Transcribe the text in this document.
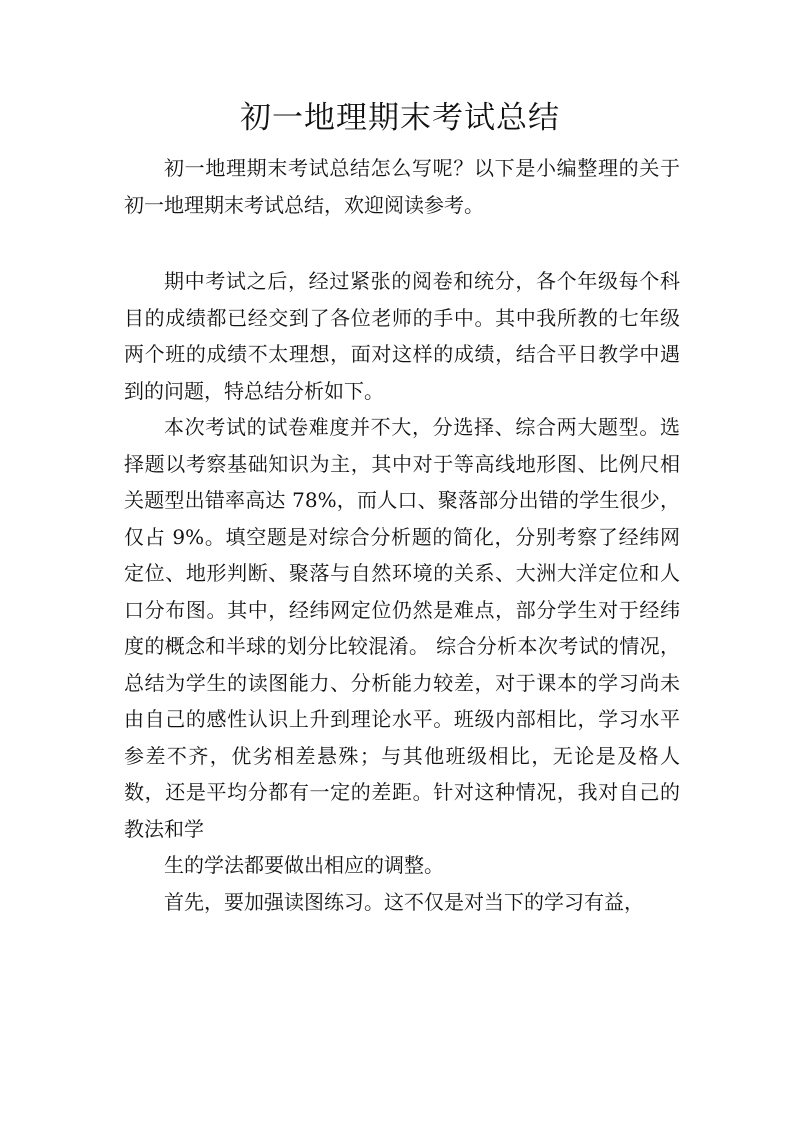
初一地理期末考试总结

初一地理期末考试总结怎么写呢？以下是小编整理的关于初一地理期末考试总结，欢迎阅读参考。

期中考试之后，经过紧张的阅卷和统分，各个年级每个科目的成绩都已经交到了各位老师的手中。其中我所教的七年级两个班的成绩不太理想，面对这样的成绩，结合平日教学中遇到的问题，特总结分析如下。

本次考试的试卷难度并不大，分选择、综合两大题型。选择题以考察基础知识为主，其中对于等高线地形图、比例尺相关题型出错率高达 78%，而人口、聚落部分出错的学生很少，仅占 9%。填空题是对综合分析题的简化，分别考察了经纬网定位、地形判断、聚落与自然环境的关系、大洲大洋定位和人口分布图。其中，经纬网定位仍然是难点，部分学生对于经纬度的概念和半球的划分比较混淆。 综合分析本次考试的情况，总结为学生的读图能力、分析能力较差，对于课本的学习尚未由自己的感性认识上升到理论水平。班级内部相比，学习水平参差不齐，优劣相差悬殊；与其他班级相比，无论是及格人数，还是平均分都有一定的差距。针对这种情况，我对自己的教法和学

生的学法都要做出相应的调整。

首先，要加强读图练习。这不仅是对当下的学习有益，
